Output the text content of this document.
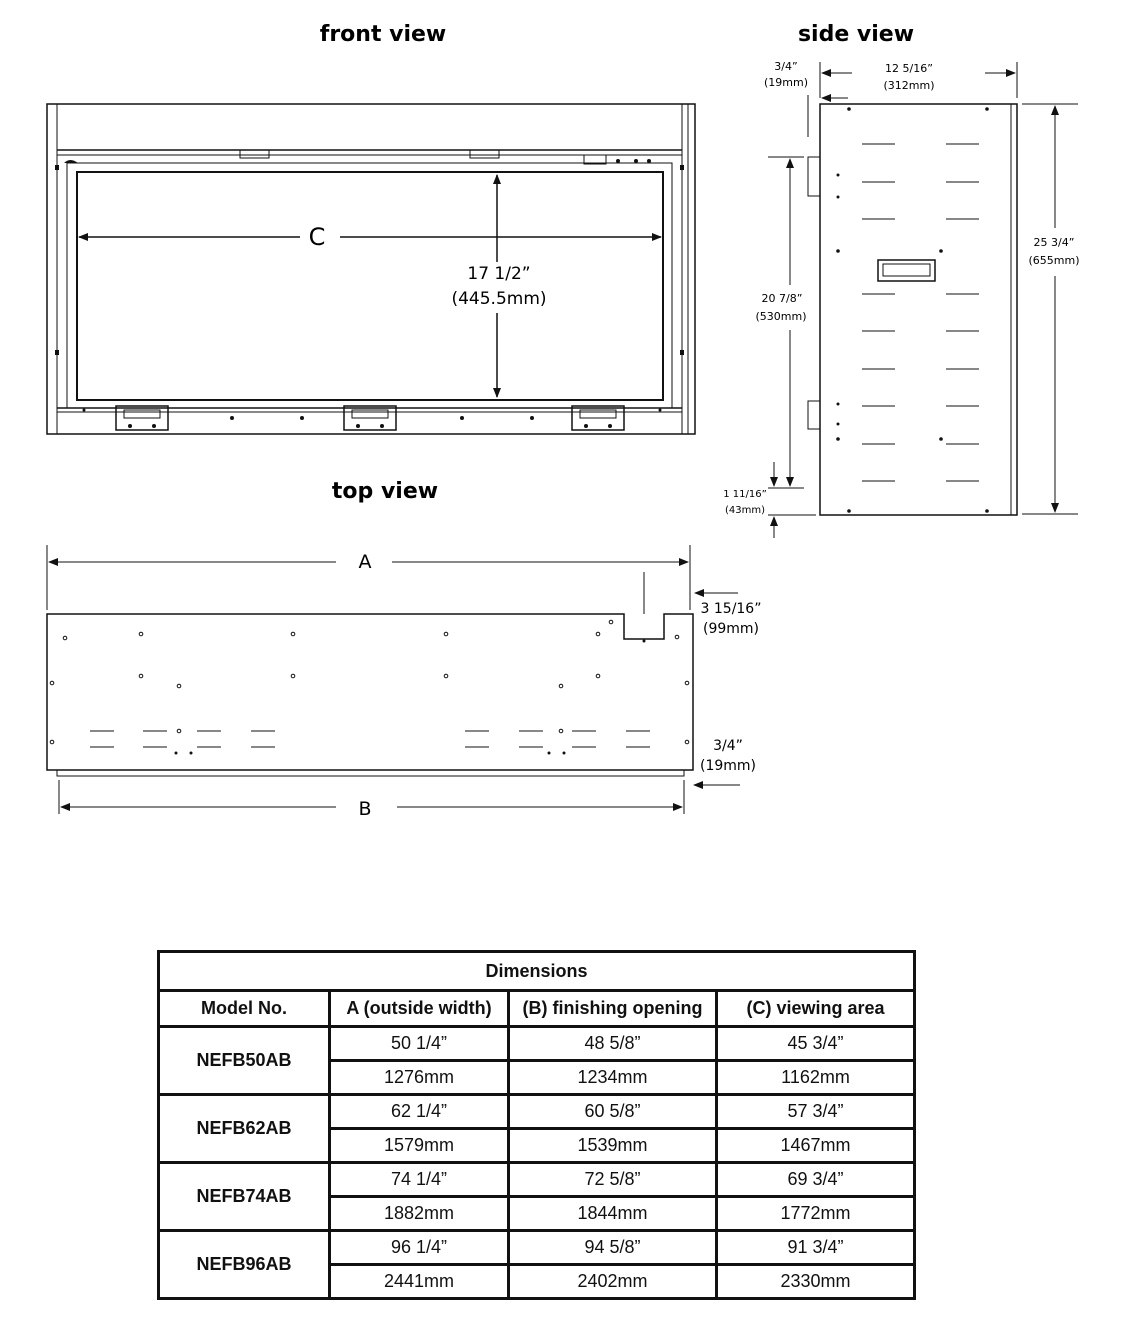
front view
C
17 1/2”
(445.5mm)
side view
3/4”
(19mm)
12 5/16”
(312mm)
25 3/4”
(655mm)
20 7/8”
(530mm)
1 11/16”
(43mm)
top view
A
B
3 15/16”
(99mm)
3/4”
(19mm)
Dimensions			
Model No.	A (outside width)	(B) finishing opening	(C) viewing area
NEFB50AB	50 1/4”	48 5/8”	45 3/4”
	1276mm	1234mm	1162mm
NEFB62AB	62 1/4”	60 5/8”	57 3/4”
	1579mm	1539mm	1467mm
NEFB74AB	74 1/4”	72 5/8”	69 3/4”
	1882mm	1844mm	1772mm
NEFB96AB	96 1/4”	94 5/8”	91 3/4”
	2441mm	2402mm	2330mm
